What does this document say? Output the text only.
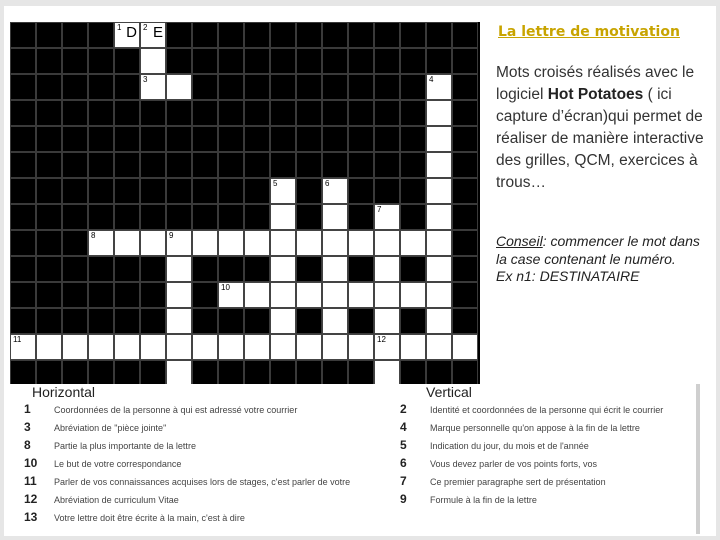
1 D 2 E
3	4
5	6
7
8	9
10
11	12
La lettre de motivation
Mots croisés réalisés avec le logiciel Hot Potatoes ( ici capture d’écran)qui permet de réaliser de manière interactive des grilles, QCM, exercices à trous…
Conseil: commencer le mot dans la case contenant le numéro.
Ex n1: DESTINATAIRE
Horizontal	Vertical
1	Coordonnées de la personne à qui est adressé votre courrier
3	Abréviation de "pièce jointe"
8	Partie la plus importante de la lettre
10	Le but de votre correspondance
11	Parler de vos connaissances acquises lors de stages, c'est parler de votre
12	Abréviation de curriculum Vitae
13	Votre lettre doit être écrite à la main, c'est à dire
2	Identité et coordonnées de la personne qui écrit le courrier
4	Marque personnelle qu'on appose à la fin de la lettre
5	Indication du jour, du mois et de l'année
6	Vous devez parler de vos points forts, vos
7	Ce premier paragraphe sert de présentation
9	Formule à la fin de la lettre
